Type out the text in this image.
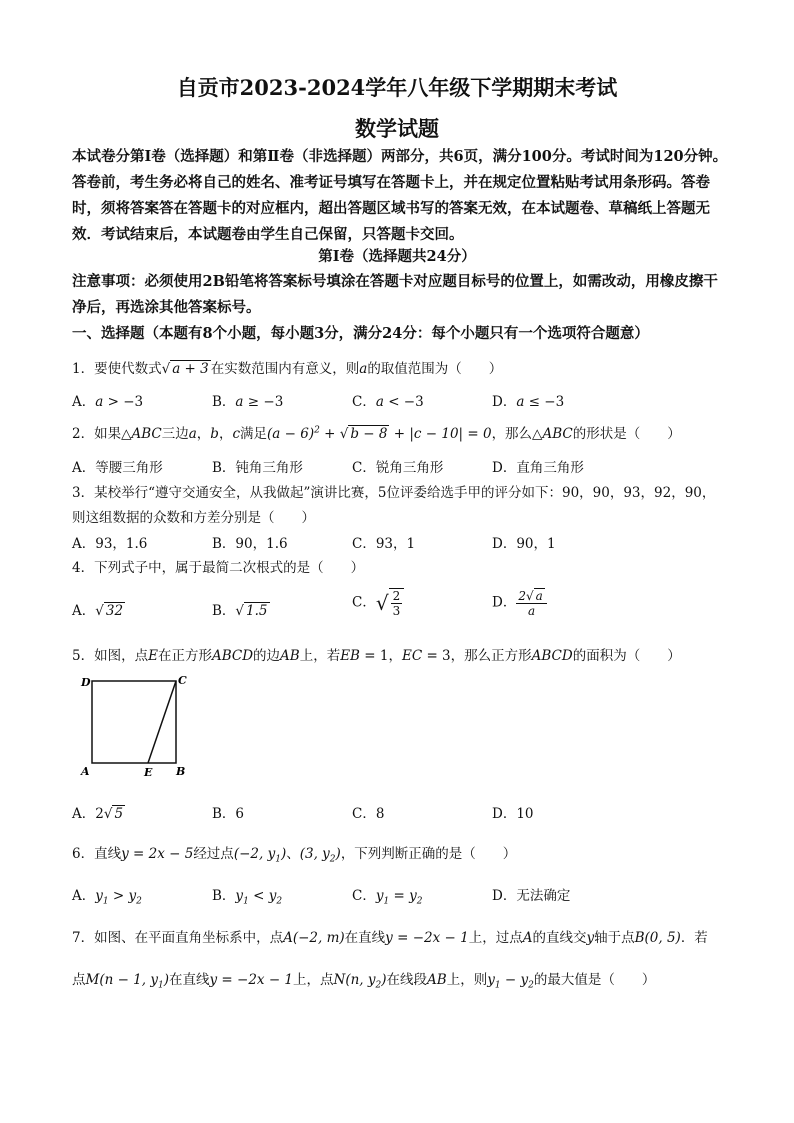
自贡市2023-2024学年八年级下学期期末考试
数学试题
本试卷分第Ⅰ卷（选择题）和第Ⅱ卷（非选择题）两部分，共6页，满分100分。考试时间为120分钟。答卷前，考生务必将自己的姓名、准考证号填写在答题卡上，并在规定位置粘贴考试用条形码。答卷时，须将答案答在答题卡的对应框内，超出答题区域书写的答案无效，在本试题卷、草稿纸上答题无效．考试结束后，本试题卷由学生自己保留，只答题卡交回。
第Ⅰ卷（选择题共24分）
注意事项：必须使用2B铅笔将答案标号填涂在答题卡对应题目标号的位置上，如需改动，用橡皮擦干净后，再选涂其他答案标号。
一、选择题（本题有8个小题，每小题3分，满分24分：每个小题只有一个选项符合题意）
1．要使代数式√ a + 3 在实数范围内有意义，则a的取值范围为（　　）
A．a > −3	B．a ≥ −3	C．a < −3	D．a ≤ −3
2．如果△ABC三边a，b，c满足$(a - 6)^2$ + √ b − 8 + |c − 10| = 0，那么△ABC的形状是（　　）
A．等腰三角形	B．钝角三角形	C．锐角三角形	D．直角三角形
3．某校举行“遵守交通安全，从我做起”演讲比赛，5位评委给选手甲的评分如下：90，90，93，92，90，
则这组数据的众数和方差分别是（　　）
A．93，1.6	B．90，1.6	C．93，1	D．90，1
4．下列式子中，属于最简二次根式的是（　　）
A．√ 32	B．√ 1.5
C．√ $\frac{2}{3}$	D． $\frac{2√ a}{a}$
5．如图，点E在正方形ABCD的边AB上，若EB = 1，EC = 3，那么正方形ABCD的面积为（　　）
D	C
A	E B
A．2√ 5	B．6	C．8	D．10
6．直线y = 2x − 5经过点(−2, $y_1$)、(3, $y_2$)，下列判断正确的是（　　）
A．$y_1 > y_2$	B．$y_1 < y_2$	C．$y_1 = y_2$	D．无法确定
7．如图、在平面直角坐标系中，点A(−2, m)在直线y = −2x − 1上，过点A的直线交y轴于点B(0, 5)．若
点M(n − 1, $y_1$)在直线y = −2x − 1上，点N(n, $y_2$)在线段AB上，则$y_1 - y_2$的最大值是（　　）
